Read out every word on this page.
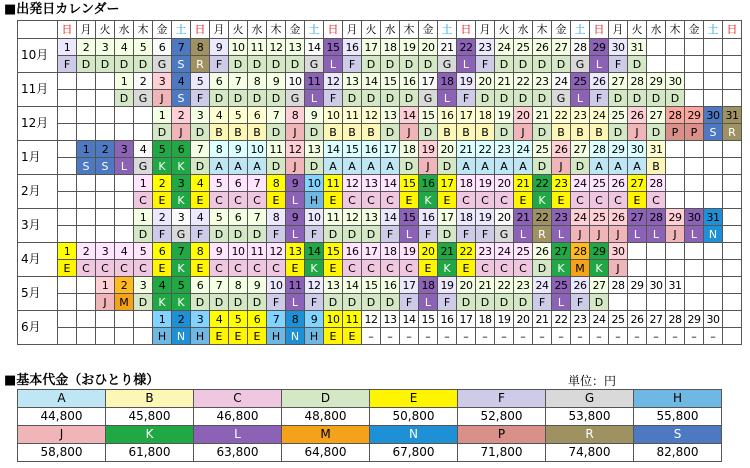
■出発日カレンダー
	日	月	火	水	木	金	土	日	月	火	水	木	金	土	日	月	火	水	木	金	土	日	月	火	水	木	金	土	日	月	火	水	木	金	土	日
10月	1	2	3	4	5	6	7	8	9	10	11	12	13	14	15	16	17	18	19	20	21	22	23	24	25	26	27	28	29	30	31					
	F	D	D	D	D	G	S	R	F	D	D	D	D	G	L	F	D	D	D	D	G	L	F	D	D	D	D	G	L	F	D					
11月				1	2	3	4	5	6	7	8	9	10	11	12	13	14	15	16	17	18	19	20	21	22	23	24	25	26	27	28	29	30			
				D	G	J	S	F	D	D	D	D	G	L	F	D	D	D	D	G	L	F	D	D	D	D	G	L	F	D	D	D	D			
12月						1	2	3	4	5	6	7	8	9	10	11	12	13	14	15	16	17	18	19	20	21	22	23	24	25	26	27	28	29	30	31
						D	J	D	B	B	B	D	J	D	B	B	B	D	J	D	B	B	B	D	J	D	B	B	B	D	J	D	P	P	S	R
1月		1	2	3	4	5	6	7	8	9	10	11	12	13	14	15	16	17	18	19	20	21	22	23	24	25	26	27	28	29	30	31				
		S	S	L	G	K	K	D	A	A	A	D	J	D	A	A	A	A	D	J	D	A	A	A	A	D	J	D	A	A	A	B				
2月					1	2	3	4	5	6	7	8	9	10	11	12	13	14	15	16	17	18	19	20	21	22	23	24	25	26	27	28				
					C	E	K	E	C	C	C	E	L	H	E	C	C	C	E	K	E	C	C	C	E	K	E	C	C	C	E	C				
3月					1	2	3	4	5	6	7	8	9	10	11	12	13	14	15	16	17	18	19	20	21	22	23	24	25	26	27	28	29	30	31	
					D	F	G	F	D	D	D	F	L	F	D	D	D	F	L	F	D	F	F	G	L	R	L	J	J	J	L	L	J	L	N	
4月	1	2	3	4	5	6	7	8	9	10	11	12	13	14	15	16	17	18	19	20	21	22	23	24	25	26	27	28	29	30						
	E	C	C	C	C	E	K	E	C	C	C	C	E	K	E	C	C	C	C	E	K	E	C	C	C	D	K	M	K	J						
5月			1	2	3	4	5	6	7	8	9	10	11	12	13	14	15	16	17	18	19	20	21	22	23	24	25	26	27	28	29	30	31			
			J	M	D	K	K	D	D	D	D	F	L	F	D	D	D	D	F	L	F	D	D	D	D	F	L	F	D							
6月						1	2	3	4	5	6	7	8	9	10	11	12	13	14	15	16	17	18	19	20	21	22	23	24	25	26	27	28	29	30	
						H	N	H	E	E	E	H	N	H	E	E	–	–	–	–	–	–	–	–	–	–	–	–	–	–	–	–	–	–	–	
■基本代金（おひとり様）	単位：円
A	B	C	D	E	F	G	H
44,800	45,800	46,800	48,800	50,800	52,800	53,800	55,800
J	K	L	M	N	P	R	S
58,800	61,800	63,800	64,800	67,800	71,800	74,800	82,800
